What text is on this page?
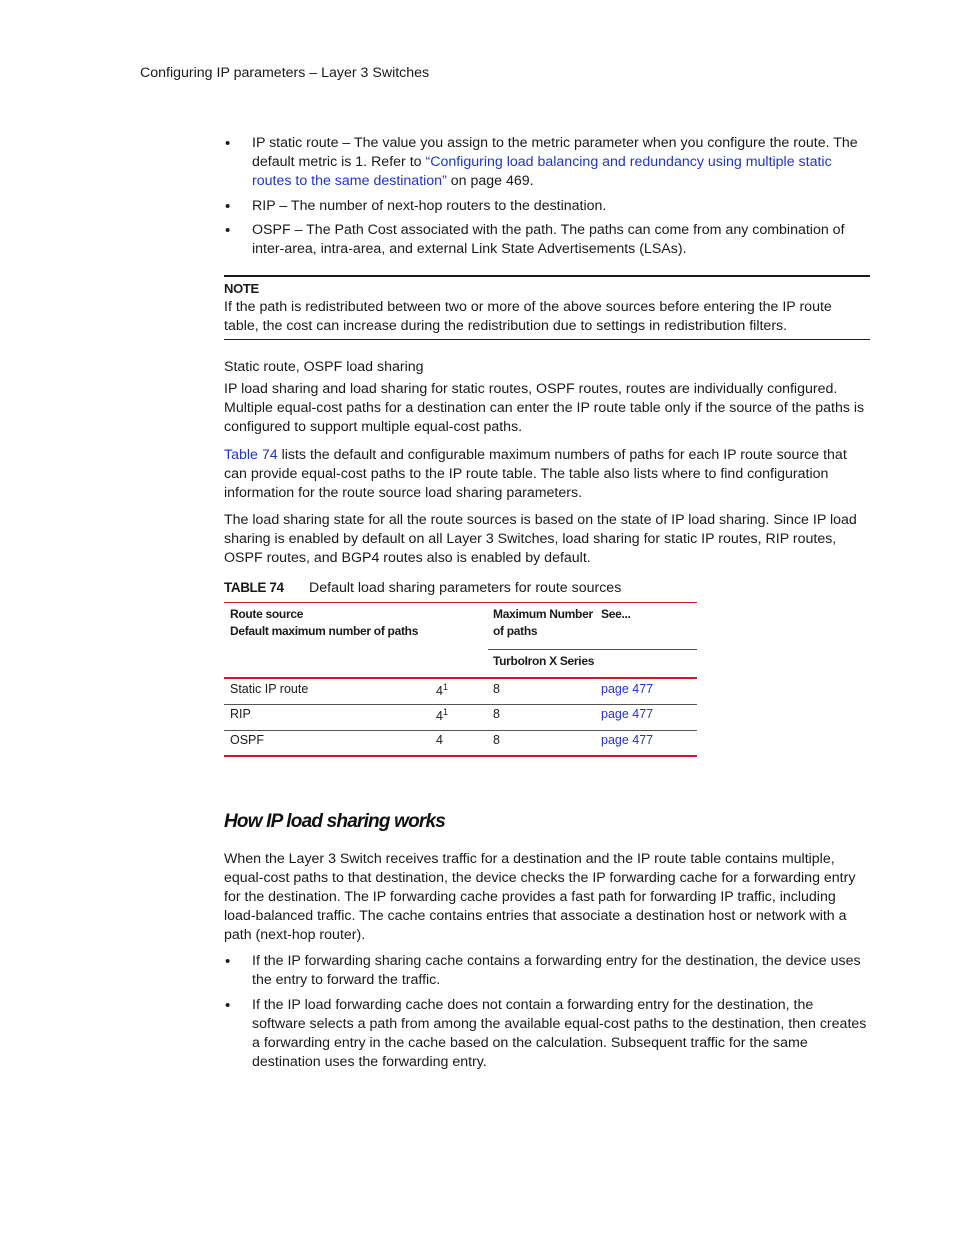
Configuring IP parameters – Layer 3 Switches
• IP static route – The value you assign to the metric parameter when you configure the route. The default metric is 1. Refer to “Configuring load balancing and redundancy using multiple static routes to the same destination” on page 469.
• RIP – The number of next-hop routers to the destination.
• OSPF – The Path Cost associated with the path. The paths can come from any combination of inter-area, intra-area, and external Link State Advertisements (LSAs).
NOTE
If the path is redistributed between two or more of the above sources before entering the IP route table, the cost can increase during the redistribution due to settings in redistribution filters.
Static route, OSPF load sharing

IP load sharing and load sharing for static routes, OSPF routes, routes are individually configured. Multiple equal-cost paths for a destination can enter the IP route table only if the source of the paths is configured to support multiple equal-cost paths.

Table 74 lists the default and configurable maximum numbers of paths for each IP route source that can provide equal-cost paths to the IP route table. The table also lists where to find configuration information for the route source load sharing parameters.

The load sharing state for all the route sources is based on the state of IP load sharing. Since IP load sharing is enabled by default on all Layer 3 Switches, load sharing for static IP routes, RIP routes, OSPF routes, and BGP4 routes also is enabled by default.

TABLE 74 Default load sharing parameters for route sources
Route source
Default maximum number of paths
Maximum Number
of paths
See...
TurboIron X Series
Static IP route	$4^1$	8	page 477
RIP	$4^1$	8	page 477
OSPF	4	8	page 477
How IP load sharing works

When the Layer 3 Switch receives traffic for a destination and the IP route table contains multiple, equal-cost paths to that destination, the device checks the IP forwarding cache for a forwarding entry for the destination. The IP forwarding cache provides a fast path for forwarding IP traffic, including load-balanced traffic. The cache contains entries that associate a destination host or network with a path (next-hop router).

• If the IP forwarding sharing cache contains a forwarding entry for the destination, the device uses the entry to forward the traffic.
• If the IP load forwarding cache does not contain a forwarding entry for the destination, the software selects a path from among the available equal-cost paths to the destination, then creates a forwarding entry in the cache based on the calculation. Subsequent traffic for the same destination uses the forwarding entry.
